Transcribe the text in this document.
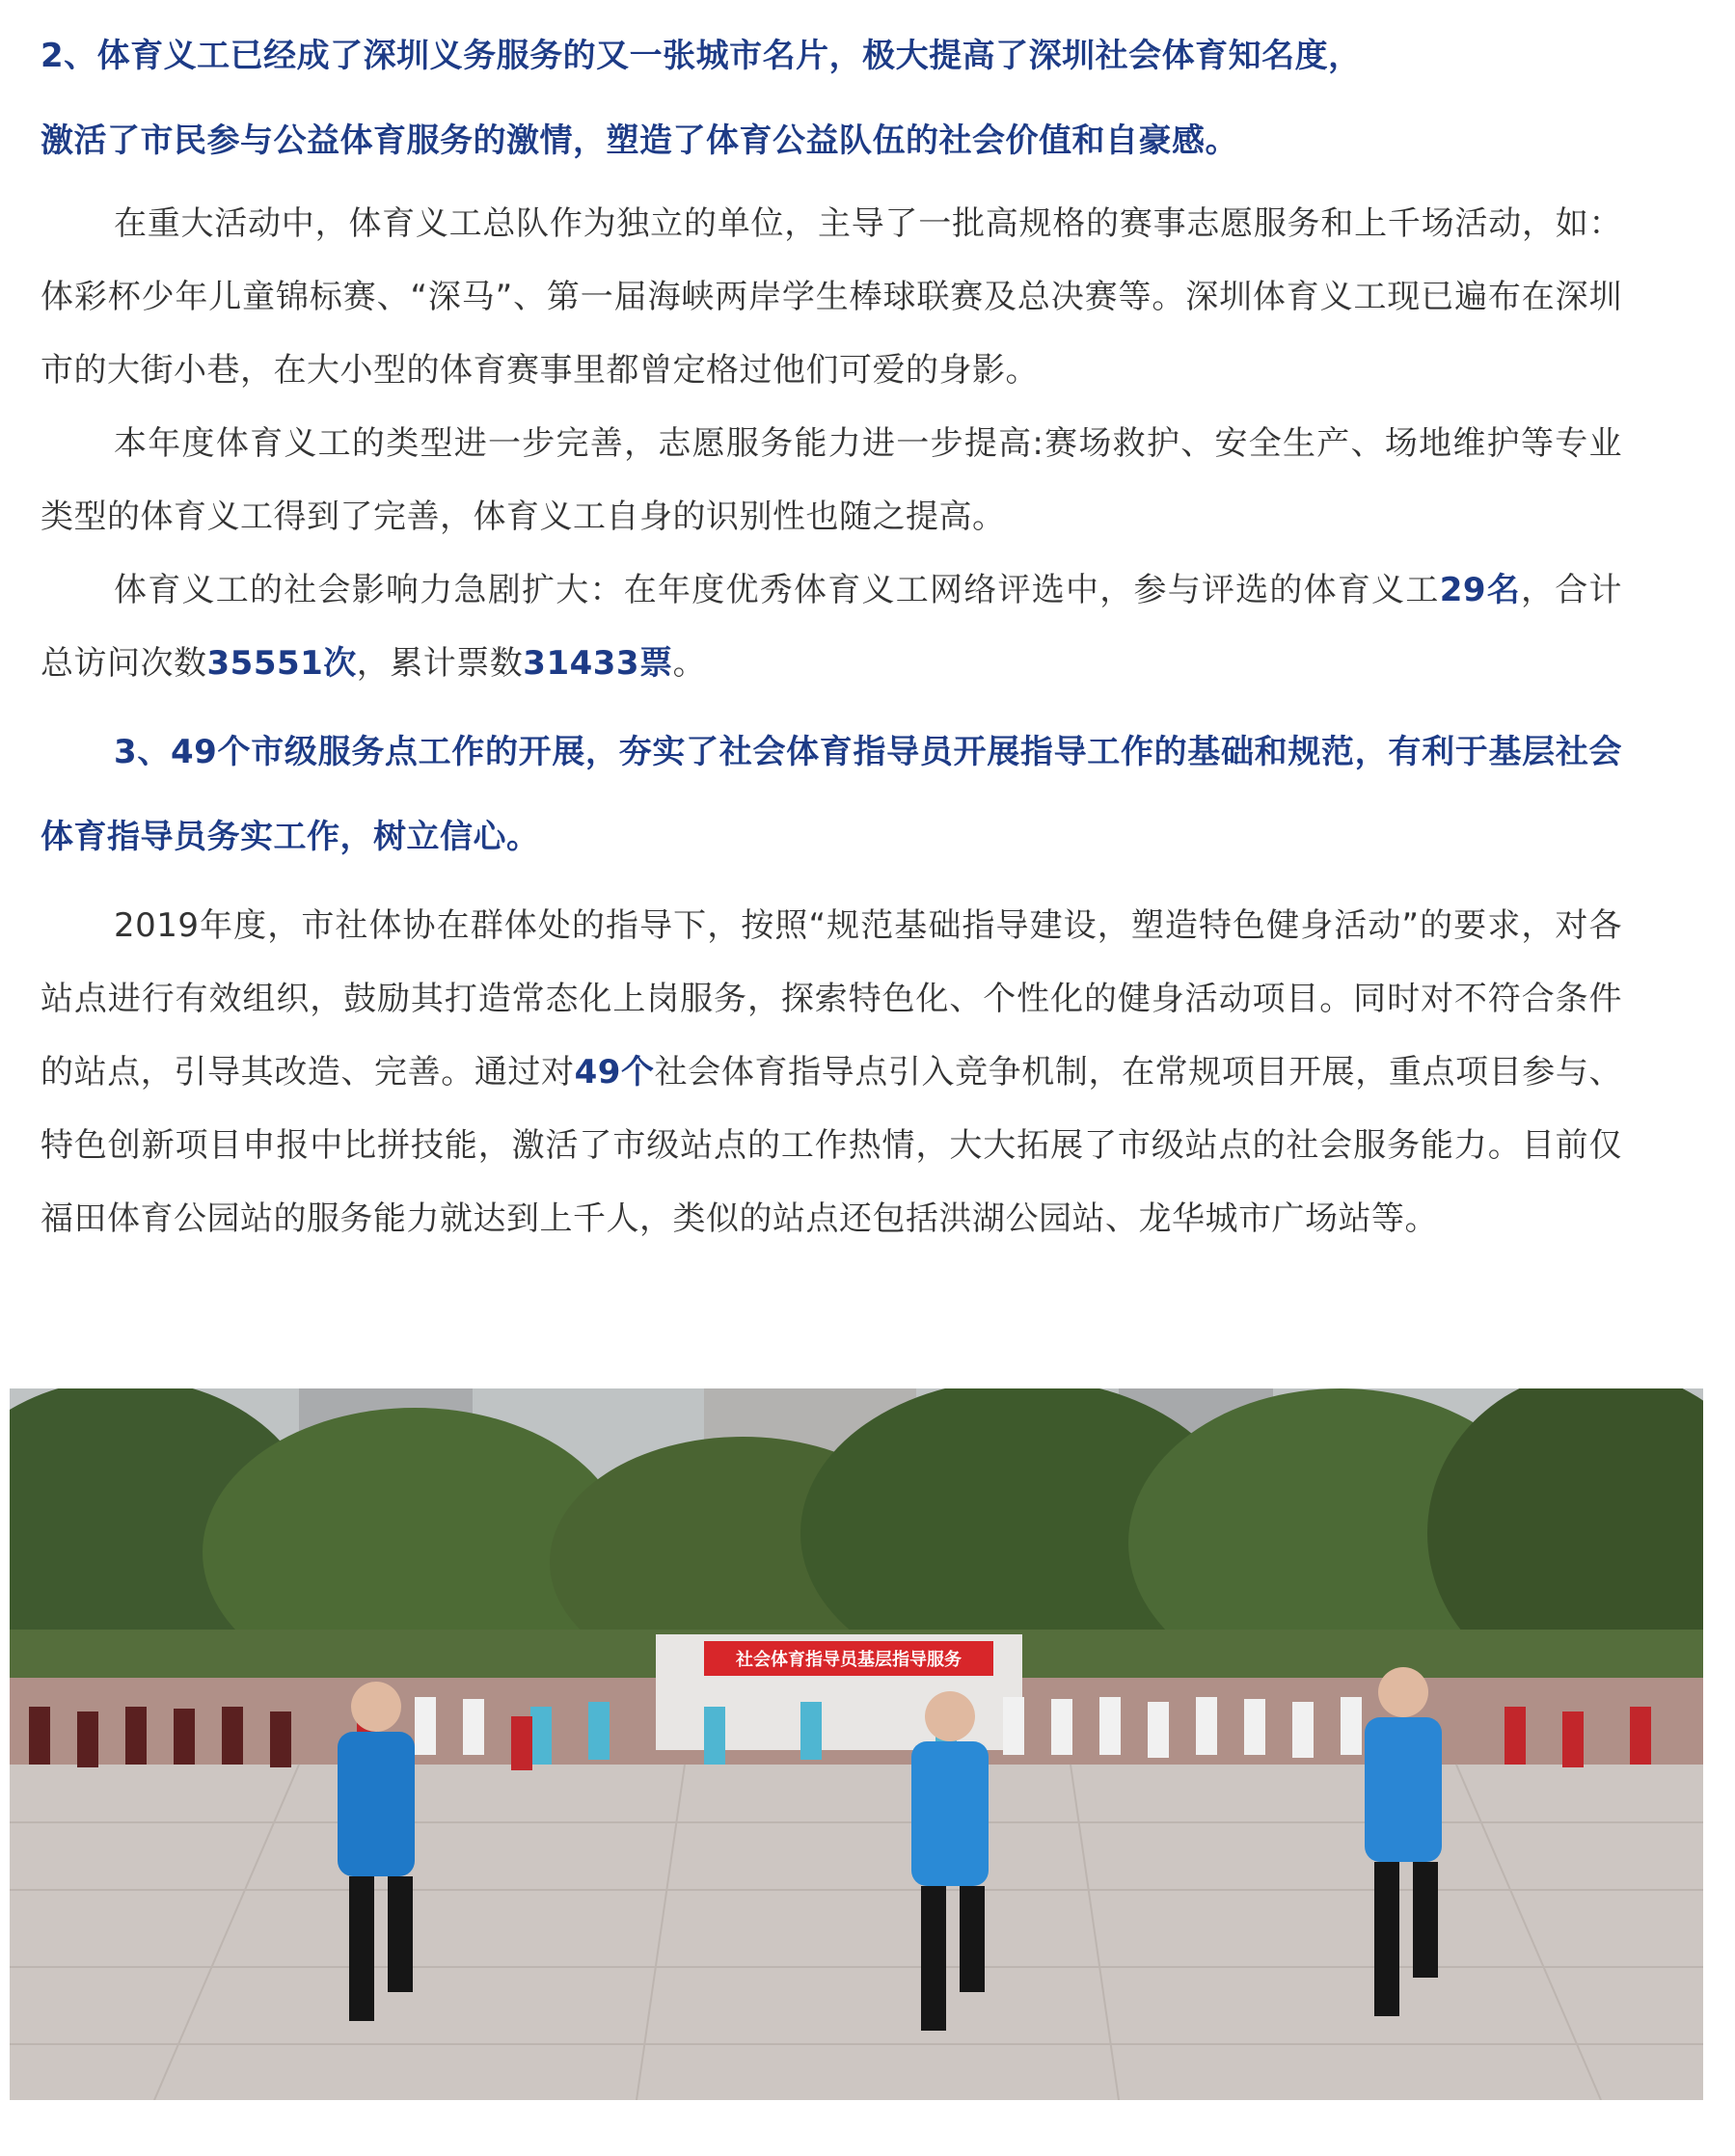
2、体育义工已经成了深圳义务服务的又一张城市名片，极大提高了深圳社会体育知名度，
激活了市民参与公益体育服务的激情，塑造了体育公益队伍的社会价值和自豪感。

在重大活动中，体育义工总队作为独立的单位，主导了一批高规格的赛事志愿服务和上千场活动，如：体彩杯少年儿童锦标赛、“深马”、第一届海峡两岸学生棒球联赛及总决赛等。深圳体育义工现已遍布在深圳市的大街小巷，在大小型的体育赛事里都曾定格过他们可爱的身影。

本年度体育义工的类型进一步完善，志愿服务能力进一步提高:赛场救护、安全生产、场地维护等专业类型的体育义工得到了完善，体育义工自身的识别性也随之提高。

体育义工的社会影响力急剧扩大：在年度优秀体育义工网络评选中，参与评选的体育义工29名，合计总访问次数35551次，累计票数31433票。

3、49个市级服务点工作的开展，夯实了社会体育指导员开展指导工作的基础和规范，有利于基层社会体育指导员务实工作，树立信心。

2019年度，市社体协在群体处的指导下，按照“规范基础指导建设，塑造特色健身活动”的要求，对各站点进行有效组织，鼓励其打造常态化上岗服务，探索特色化、个性化的健身活动项目。同时对不符合条件的站点，引导其改造、完善。通过对49个社会体育指导点引入竞争机制，在常规项目开展，重点项目参与、特色创新项目申报中比拼技能，激活了市级站点的工作热情，大大拓展了市级站点的社会服务能力。目前仅福田体育公园站的服务能力就达到上千人，类似的站点还包括洪湖公园站、龙华城市广场站等。

社会体育指导员基层指导服务
